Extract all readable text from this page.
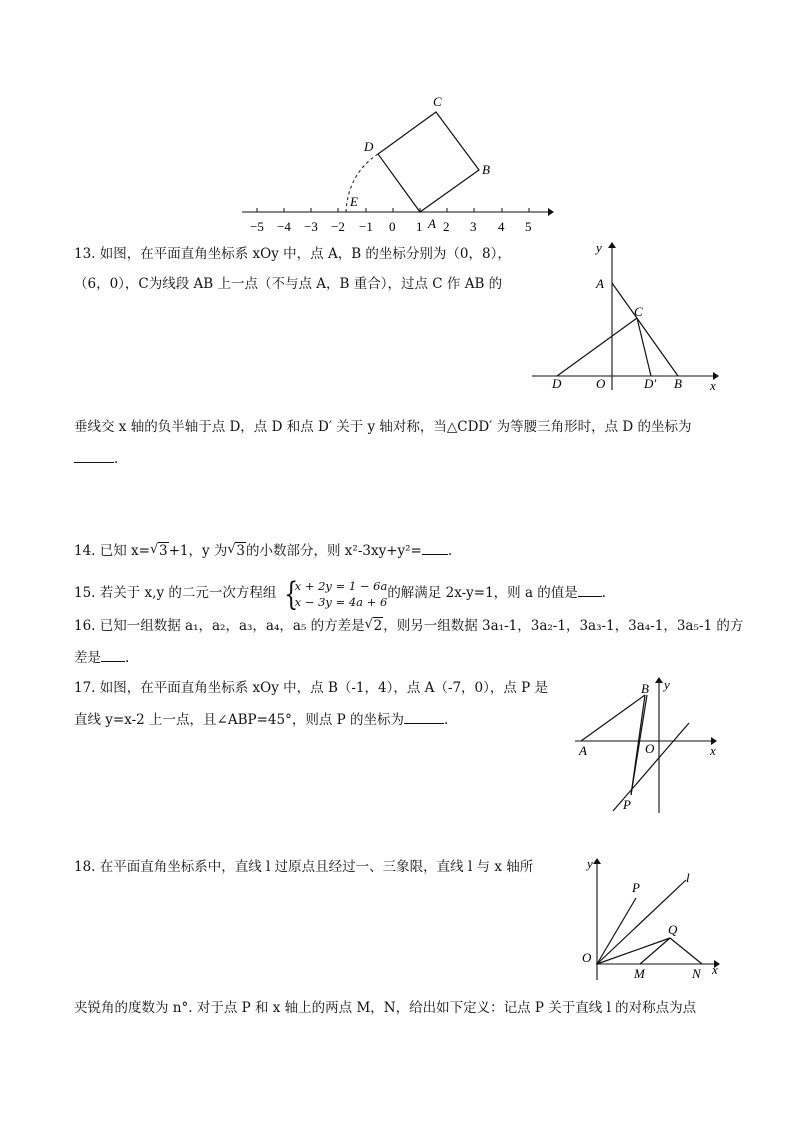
−5 −4 −3 −2 −1 0 1 2 3 4 5
C
D
B
E
A
13. 如图，在平面直角坐标系 xOy 中，点 A，B 的坐标分别为（0，8），
（6，0），C为线段 AB 上一点（不与点 A，B 重合），过点 C 作 AB 的
y
A
C
D	O	D′ B x
垂线交 x 轴的负半轴于点 D，点 D 和点 D′ 关于 y 轴对称，当△CDD′ 为等腰三角形时，点 D 的坐标为
.
14. 已知 x= √ 3+1，y 为 √ 3的小数部分，则 x²-3xy+y²= .
15. 若关于 x,y 的二元一次方程组 {
x + 2y = 1 − 6a
x − 3y = 4a + 6
的解满足 2x-y=1，则 a 的值是 .
16. 已知一组数据 a₁，a₂，a₃，a₄，a₅ 的方差是 √ 2，则另一组数据 3a₁-1，3a₂-1，3a₃-1，3a₄-1，3a₅-1 的方
差是 .
17. 如图，在平面直角坐标系 xOy 中，点 B（-1，4），点 A（-7，0），点 P 是
直线 y=x-2 上一点，且∠ABP=45°，则点 P 的坐标为	.
B y
A	O	x
P
18. 在平面直角坐标系中，直线 l 过原点且经过一、三象限，直线 l 与 x 轴所	y
P
l
Q
O
M	N x
夹锐角的度数为 n°. 对于点 P 和 x 轴上的两点 M，N，给出如下定义：记点 P 关于直线 l 的对称点为点
